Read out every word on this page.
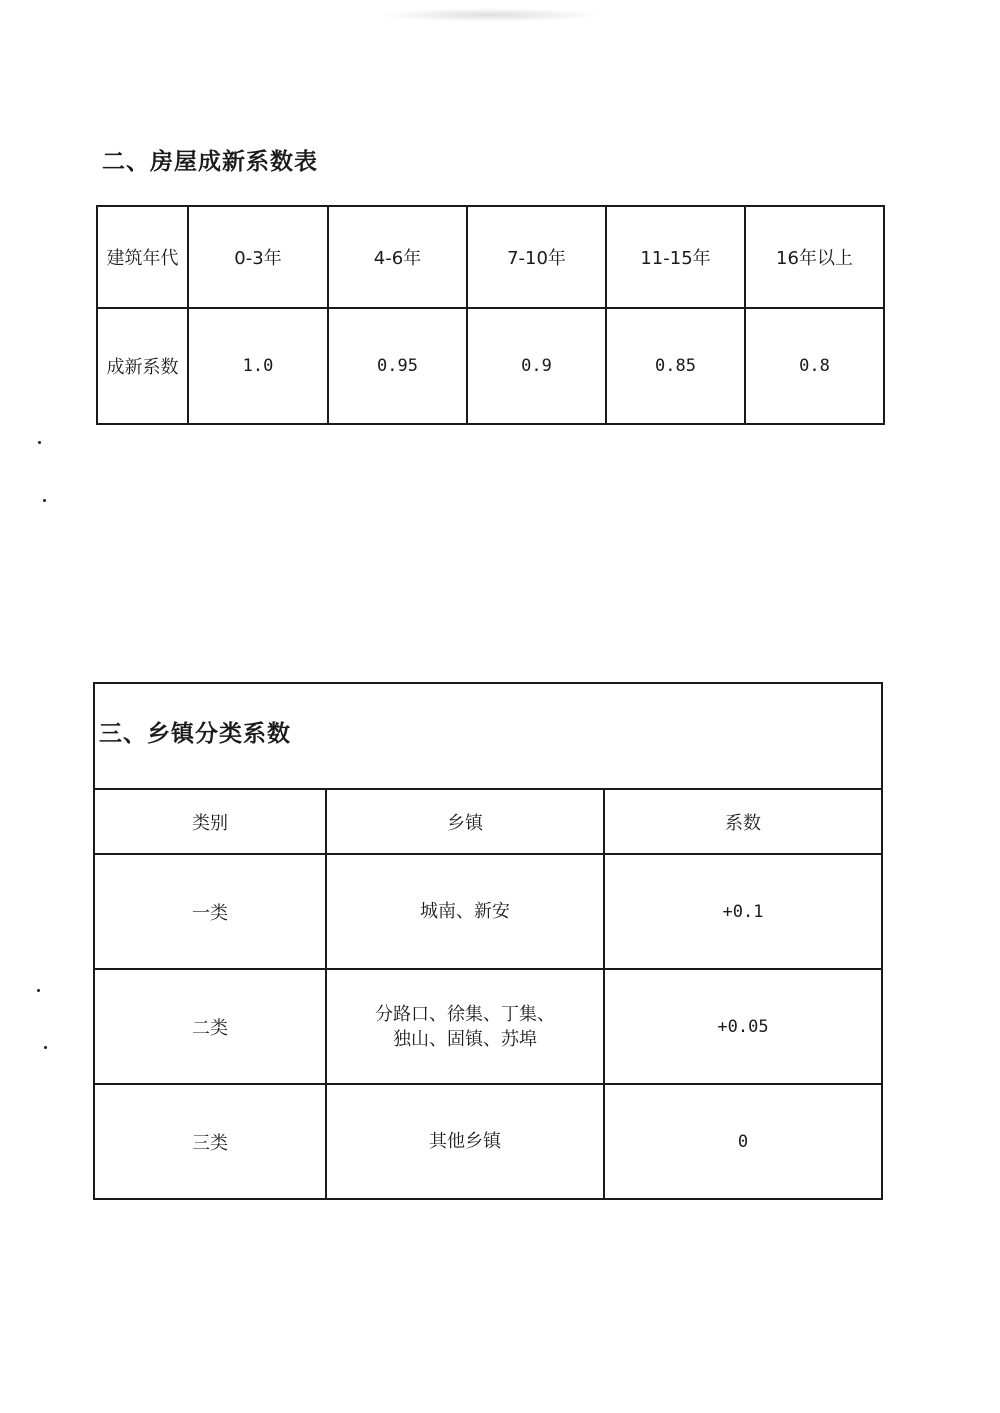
二、房屋成新系数表
建筑年代	0-3年	4-6年	7-10年	11-15年	16年以上
成新系数	1.0	0.95	0.9	0.85	0.8
三、乡镇分类系数		
类别	乡镇	系数
一类	城南、新安	+0.1
二类	分路口、徐集、丁集、
独山、固镇、苏埠	+0.05
三类	其他乡镇	0
